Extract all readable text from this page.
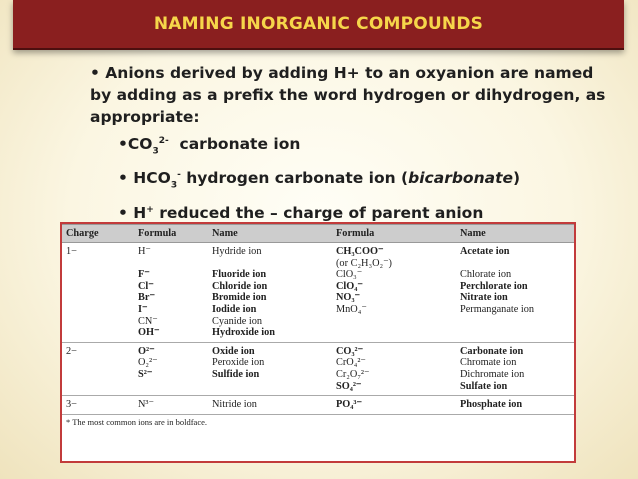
NAMING INORGANIC COMPOUNDS

• Anions derived by adding H+ to an oxyanion are named by adding as a prefix the word hydrogen or dihydrogen, as appropriate:

$•CO_3^{2-}$ carbonate ion

• $HCO_3^-$ hydrogen carbonate ion (bicarbonate)

• H+ reduced the – charge of parent anion

Charge	Formula	Name	Formula	Name
1−	H⁻	Hydride ion	CH₃COO⁻	Acetate ion
			(or C₂H₃O₂⁻)	
	F⁻	Fluoride ion	ClO₃⁻	Chlorate ion
	Cl⁻	Chloride ion	ClO₄⁻	Perchlorate ion
	Br⁻	Bromide ion	NO₃⁻	Nitrate ion
	I⁻	Iodide ion	MnO₄⁻	Permanganate ion
	CN⁻	Cyanide ion		
	OH⁻	Hydroxide ion		
2−	O²⁻	Oxide ion	CO₃²⁻	Carbonate ion
	O₂²⁻	Peroxide ion	CrO₄²⁻	Chromate ion
	S²⁻	Sulfide ion	Cr₂O₇²⁻	Dichromate ion
			SO₄²⁻	Sulfate ion
3−	N³⁻	Nitride ion	PO₄³⁻	Phosphate ion
* The most common ions are in boldface.
